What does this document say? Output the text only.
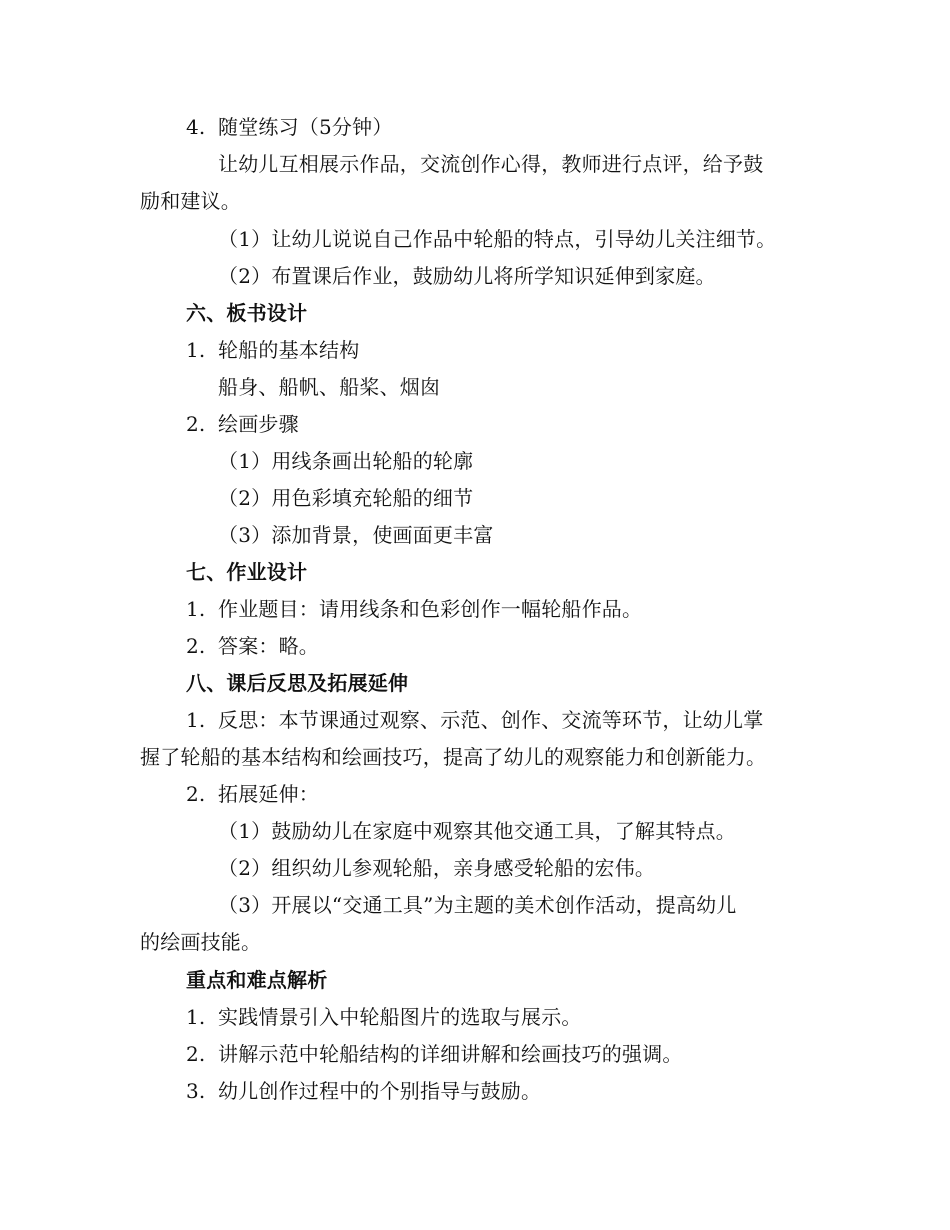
4. 随堂练习（5分钟）
让幼儿互相展示作品，交流创作心得，教师进行点评，给予鼓
励和建议。
（1）让幼儿说说自己作品中轮船的特点，引导幼儿关注细节。
（2）布置课后作业，鼓励幼儿将所学知识延伸到家庭。
六、板书设计
1. 轮船的基本结构
船身、船帆、船桨、烟囱
2. 绘画步骤
（1）用线条画出轮船的轮廓
（2）用色彩填充轮船的细节
（3）添加背景，使画面更丰富
七、作业设计
1. 作业题目：请用线条和色彩创作一幅轮船作品。
2. 答案：略。
八、课后反思及拓展延伸
1. 反思：本节课通过观察、示范、创作、交流等环节，让幼儿掌
握了轮船的基本结构和绘画技巧，提高了幼儿的观察能力和创新能力。
2. 拓展延伸：
（1）鼓励幼儿在家庭中观察其他交通工具，了解其特点。
（2）组织幼儿参观轮船，亲身感受轮船的宏伟。
（3）开展以“交通工具”为主题的美术创作活动，提高幼儿
的绘画技能。
重点和难点解析
1. 实践情景引入中轮船图片的选取与展示。
2. 讲解示范中轮船结构的详细讲解和绘画技巧的强调。
3. 幼儿创作过程中的个别指导与鼓励。
